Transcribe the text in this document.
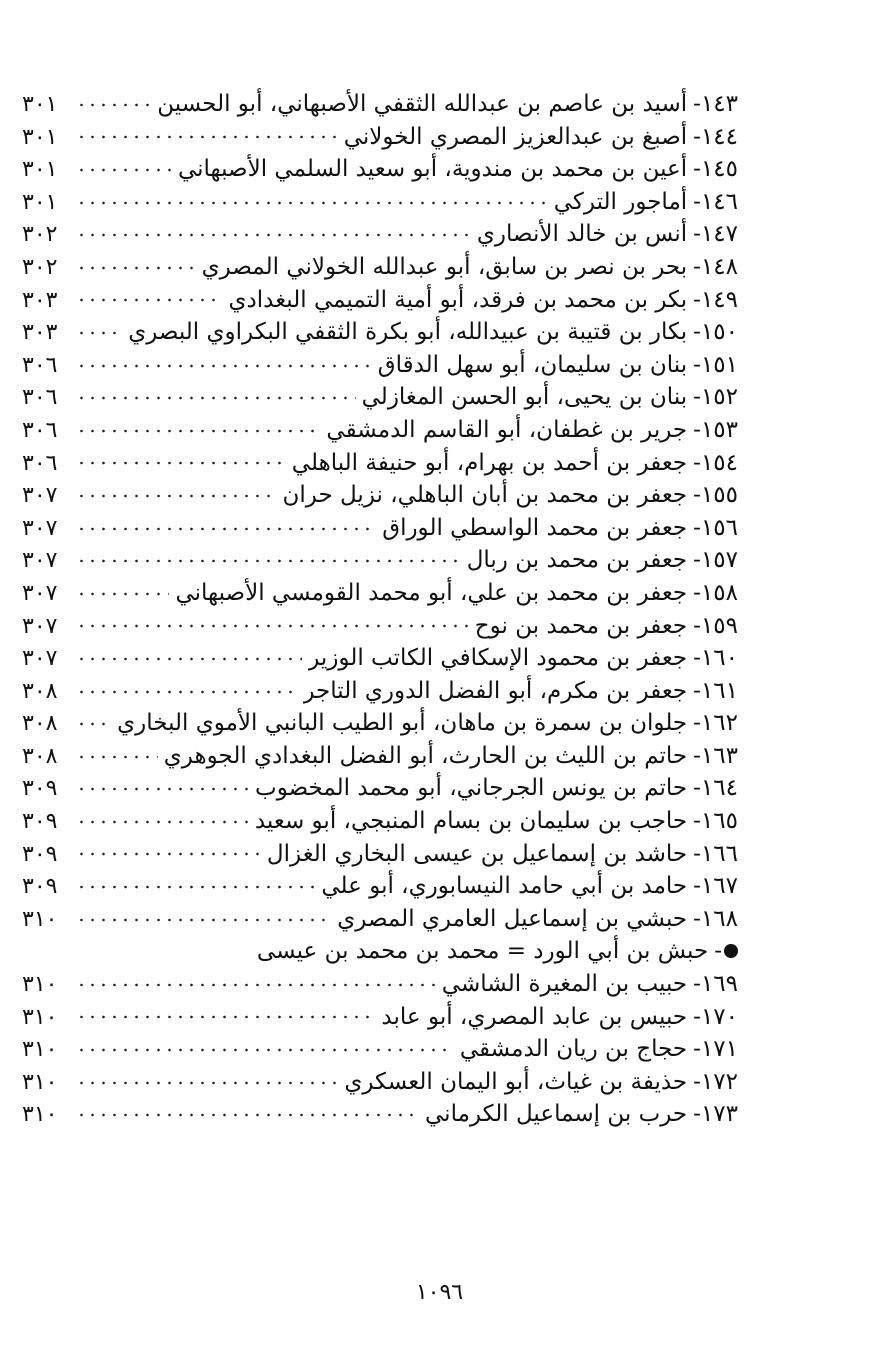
١٤٣-
أسيد بن عاصم بن عبدالله الثقفي الأصبهاني، أبو الحسين
٣٠١
١٤٤-
أصبغ بن عبدالعزيز المصري الخولاني
٣٠١
١٤٥-
أعين بن محمد بن مندوية، أبو سعيد السلمي الأصبهاني
٣٠١
١٤٦-
أماجور التركي
٣٠١
١٤٧-
أنس بن خالد الأنصاري
٣٠٢
١٤٨-
بحر بن نصر بن سابق، أبو عبدالله الخولاني المصري
٣٠٢
١٤٩-
بكر بن محمد بن فرقد، أبو أمية التميمي البغدادي
٣٠٣
١٥٠-
بكار بن قتيبة بن عبيدالله، أبو بكرة الثقفي البكراوي البصري
٣٠٣
١٥١-
بنان بن سليمان، أبو سهل الدقاق
٣٠٦
١٥٢-
بنان بن يحيى، أبو الحسن المغازلي
٣٠٦
١٥٣-
جرير بن غطفان، أبو القاسم الدمشقي
٣٠٦
١٥٤-
جعفر بن أحمد بن بهرام، أبو حنيفة الباهلي
٣٠٦
١٥٥-
جعفر بن محمد بن أبان الباهلي، نزيل حران
٣٠٧
١٥٦-
جعفر بن محمد الواسطي الوراق
٣٠٧
١٥٧-
جعفر بن محمد بن ربال
٣٠٧
١٥٨-
جعفر بن محمد بن علي، أبو محمد القومسي الأصبهاني
٣٠٧
١٥٩-
جعفر بن محمد بن نوح
٣٠٧
١٦٠-
جعفر بن محمود الإسكافي الكاتب الوزير
٣٠٧
١٦١-
جعفر بن مكرم، أبو الفضل الدوري التاجر
٣٠٨
١٦٢-
جلوان بن سمرة بن ماهان، أبو الطيب البانبي الأموي البخاري
٣٠٨
١٦٣-
حاتم بن الليث بن الحارث، أبو الفضل البغدادي الجوهري
٣٠٨
١٦٤-
حاتم بن يونس الجرجاني، أبو محمد المخضوب
٣٠٩
١٦٥-
حاجب بن سليمان بن بسام المنبجي، أبو سعيد
٣٠٩
١٦٦-
حاشد بن إسماعيل بن عيسى البخاري الغزال
٣٠٩
١٦٧-
حامد بن أبي حامد النيسابوري، أبو علي
٣٠٩
١٦٨-
حبشي بن إسماعيل العامري المصري
٣١٠
-
حبش بن أبي الورد = محمد بن محمد بن عيسى
١٦٩-
حبيب بن المغيرة الشاشي
٣١٠
١٧٠-
حبيس بن عابد المصري، أبو عابد
٣١٠
١٧١-
حجاج بن ريان الدمشقي
٣١٠
١٧٢-
حذيفة بن غياث، أبو اليمان العسكري
٣١٠
١٧٣-
حرب بن إسماعيل الكرماني
٣١٠
١٠٩٦
